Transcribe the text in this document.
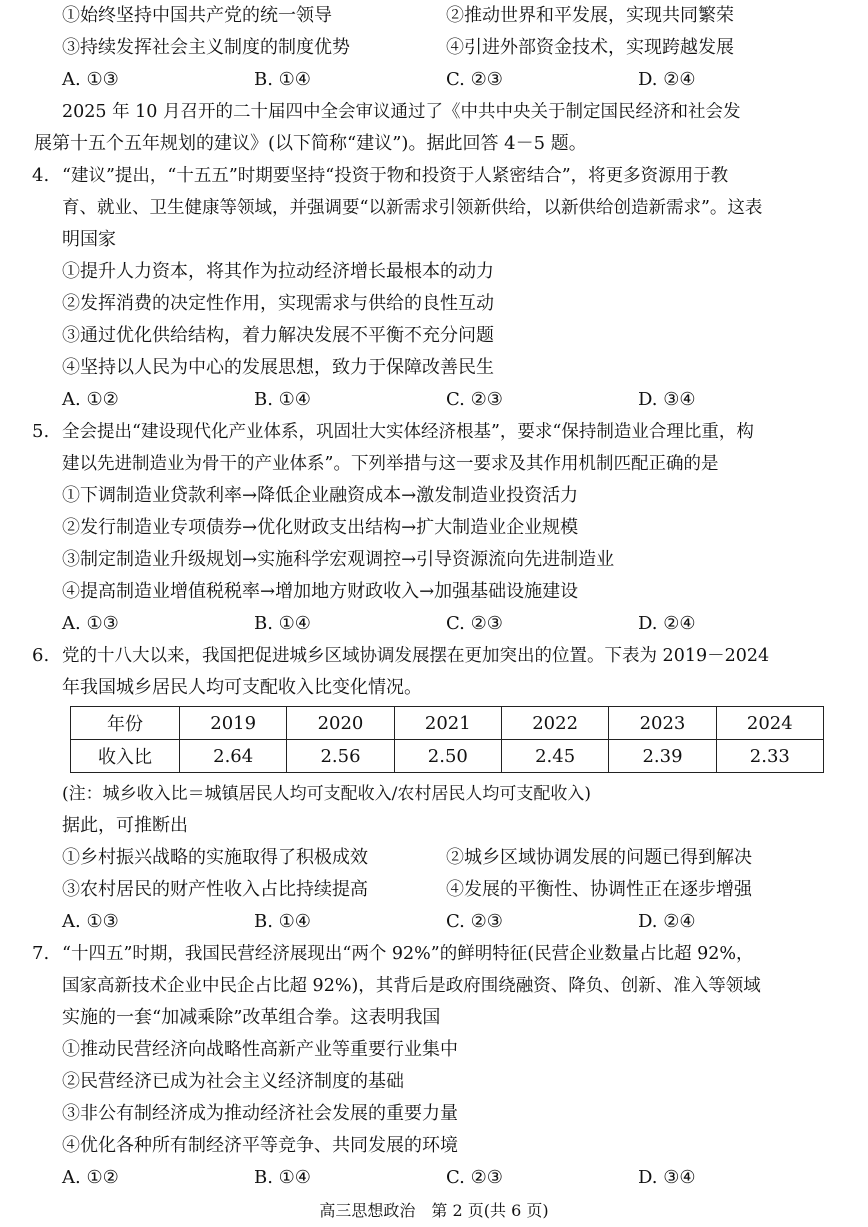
①始终坚持中国共产党的统一领导	②推动世界和平发展，实现共同繁荣
③持续发挥社会主义制度的制度优势	④引进外部资金技术，实现跨越发展
A. ①③	B. ①④	C. ②③	D. ②④
2025 年 10 月召开的二十届四中全会审议通过了《中共中央关于制定国民经济和社会发
展第十五个五年规划的建议》(以下简称“建议”)。据此回答 4－5 题。
4. “建议”提出，“十五五”时期要坚持“投资于物和投资于人紧密结合”，将更多资源用于教
育、就业、卫生健康等领域，并强调要“以新需求引领新供给，以新供给创造新需求”。这表
明国家
①提升人力资本，将其作为拉动经济增长最根本的动力
②发挥消费的决定性作用，实现需求与供给的良性互动
③通过优化供给结构，着力解决发展不平衡不充分问题
④坚持以人民为中心的发展思想，致力于保障改善民生
A. ①②	B. ①④	C. ②③	D. ③④
5. 全会提出“建设现代化产业体系，巩固壮大实体经济根基”，要求“保持制造业合理比重，构
建以先进制造业为骨干的产业体系”。下列举措与这一要求及其作用机制匹配正确的是
①下调制造业贷款利率→降低企业融资成本→激发制造业投资活力
②发行制造业专项债券→优化财政支出结构→扩大制造业企业规模
③制定制造业升级规划→实施科学宏观调控→引导资源流向先进制造业
④提高制造业增值税税率→增加地方财政收入→加强基础设施建设
A. ①③	B. ①④	C. ②③	D. ②④
6. 党的十八大以来，我国把促进城乡区域协调发展摆在更加突出的位置。下表为 2019－2024
年我国城乡居民人均可支配收入比变化情况。
年份	2019	2020	2021	2022	2023	2024
收入比	2.64	2.56	2.50	2.45	2.39	2.33
(注：城乡收入比＝城镇居民人均可支配收入/农村居民人均可支配收入)
据此，可推断出
①乡村振兴战略的实施取得了积极成效	②城乡区域协调发展的问题已得到解决
③农村居民的财产性收入占比持续提高	④发展的平衡性、协调性正在逐步增强
A. ①③	B. ①④	C. ②③	D. ②④
7. “十四五”时期，我国民营经济展现出“两个 92%”的鲜明特征(民营企业数量占比超 92%，
国家高新技术企业中民企占比超 92%)，其背后是政府围绕融资、降负、创新、准入等领域
实施的一套“加减乘除”改革组合拳。这表明我国
①推动民营经济向战略性高新产业等重要行业集中
②民营经济已成为社会主义经济制度的基础
③非公有制经济成为推动经济社会发展的重要力量
④优化各种所有制经济平等竞争、共同发展的环境
A. ①②	B. ①④	C. ②③	D. ③④
高三思想政治　第 2 页(共 6 页)
